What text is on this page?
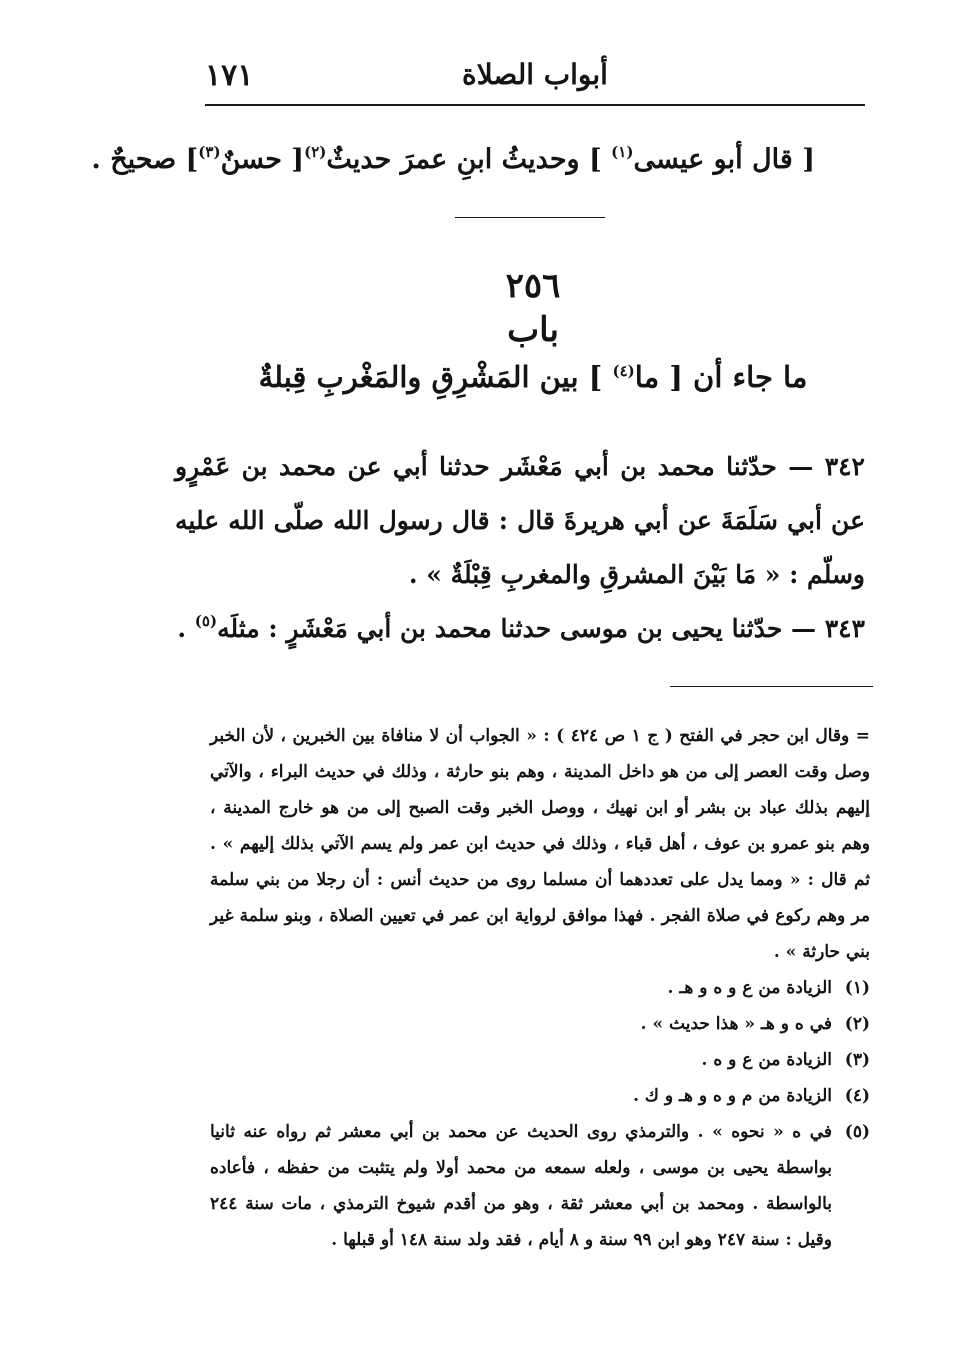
أبواب الصلاة
١٧١
[ قال أبو عيسى$^{(١)}$ ] وحديثُ ابنِ عمرَ حديثٌ$^{(٢)}$[ حسنٌ$^{(٣)}$] صحيحٌ .
٢٥٦
باب
ما جاء أن [ ما$^{(٤)}$ ] بين المَشْرِقِ والمَغْربِ قِبلةٌ
٣٤٢ — حدّثنا محمد بن أبي مَعْشَر حدثنا أبي عن محمد بن عَمْرٍو عن أبي سَلَمَةَ عن أبي هريرةَ قال : قال رسول الله صلّى الله عليه وسلّم : « مَا بَيْنَ المشرقِ والمغربِ قِبْلَةٌ » .
٣٤٣ — حدّثنا يحيى بن موسى حدثنا محمد بن أبي مَعْشَرٍ : مثلَه$^{(٥)}$ .

= وقال ابن حجر في الفتح ( ج ١ ص ٤٢٤ ) : « الجواب أن لا منافاة بين الخبرين ، لأن الخبر وصل وقت العصر إلى من هو داخل المدينة ، وهم بنو حارثة ، وذلك في حديث البراء ، والآتي إليهم بذلك عباد بن بشر أو ابن نهيك ، ووصل الخبر وقت الصبح إلى من هو خارج المدينة ، وهم بنو عمرو بن عوف ، أهل قباء ، وذلك في حديث ابن عمر ولم يسم الآتي بذلك إليهم » . ثم قال : « ومما يدل على تعددهما أن مسلما روى من حديث أنس : أن رجلا من بني سلمة مر وهم ركوع في صلاة الفجر . فهذا موافق لرواية ابن عمر في تعيين الصلاة ، وبنو سلمة غير بني حارثة » .

(١)
الزيادة من ع و ه و هـ .

(٢)
في ه و هـ « هذا حديث » .

(٣)
الزيادة من ع و ه .

(٤)
الزيادة من م و ه و هـ و ك .

(٥)
في ه « نحوه » . والترمذي روى الحديث عن محمد بن أبي معشر ثم رواه عنه ثانيا بواسطة يحيى بن موسى ، ولعله سمعه من محمد أولا ولم يتثبت من حفظه ، فأعاده بالواسطة . ومحمد بن أبي معشر ثقة ، وهو من أقدم شيوخ الترمذي ، مات سنة ٢٤٤ وقيل : سنة ٢٤٧ وهو ابن ٩٩ سنة و ٨ أيام ، فقد ولد سنة ١٤٨ أو قبلها .
